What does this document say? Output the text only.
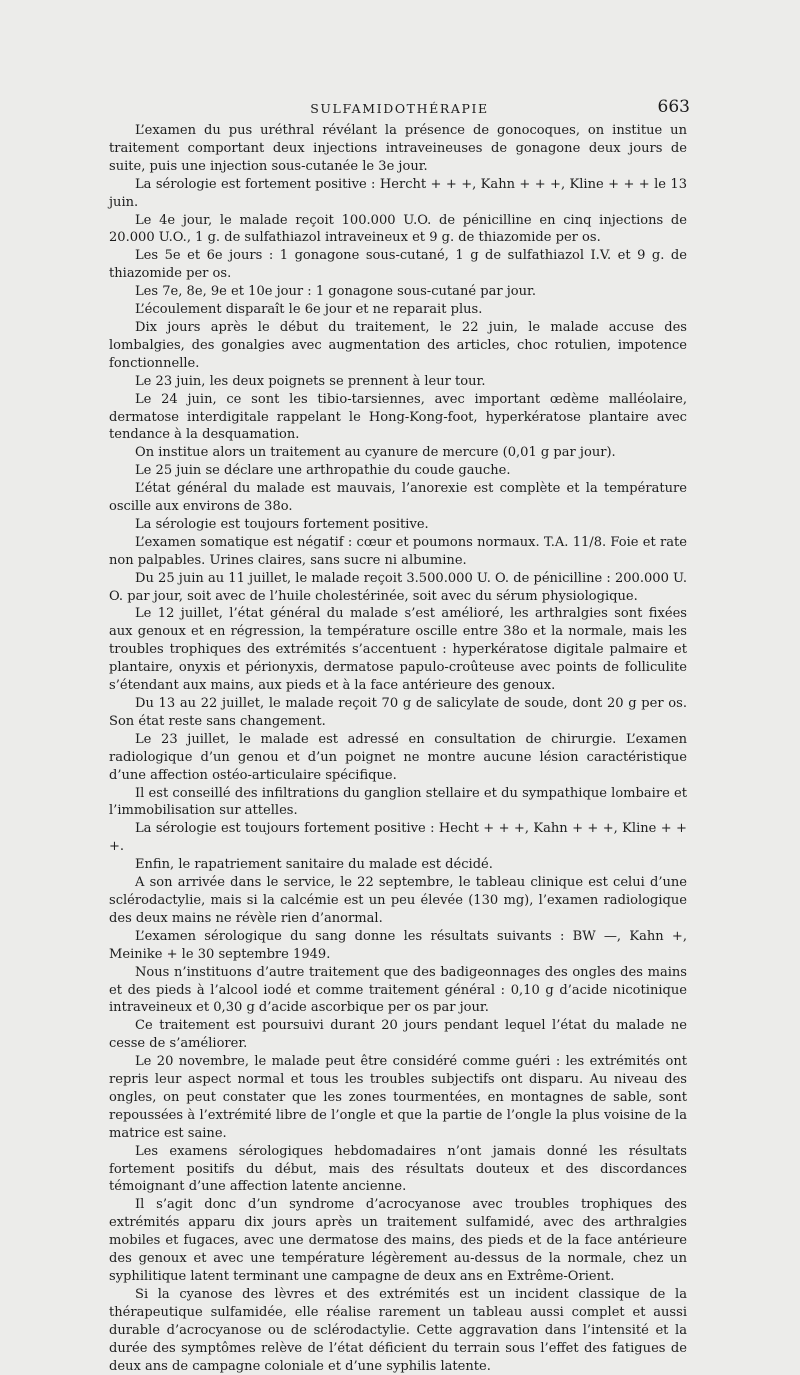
SULFAMIDOTHÉRAPIE	663

L’examen du pus uréthral révélant la présence de gonocoques, on institue un traitement comportant deux injections intraveineuses de gonagone deux jours de suite, puis une injection sous-cutanée le 3e jour.

La sérologie est fortement positive : Hercht + + +, Kahn + + +, Kline + + + le 13 juin.

Le 4e jour, le malade reçoit 100.000 U.O. de pénicilline en cinq injections de 20.000 U.O., 1 g. de sulfathiazol intraveineux et 9 g. de thiazomide per os.

Les 5e et 6e jours : 1 gonagone sous-cutané, 1 g de sulfathiazol I.V. et 9 g. de thiazomide per os.

Les 7e, 8e, 9e et 10e jour : 1 gonagone sous-cutané par jour.

L’écoulement disparaît le 6e jour et ne reparait plus.

Dix jours après le début du traitement, le 22 juin, le malade accuse des lombalgies, des gonalgies avec augmentation des articles, choc rotulien, impotence fonctionnelle.

Le 23 juin, les deux poignets se prennent à leur tour.

Le 24 juin, ce sont les tibio-tarsiennes, avec important œdème malléolaire, dermatose interdigitale rappelant le Hong-Kong-foot, hyperkératose plantaire avec tendance à la desquamation.

On institue alors un traitement au cyanure de mercure (0,01 g par jour).

Le 25 juin se déclare une arthropathie du coude gauche.

L’état général du malade est mauvais, l’anorexie est complète et la température oscille aux environs de 38o.

La sérologie est toujours fortement positive.

L’examen somatique est négatif : cœur et poumons normaux. T.A. 11/8. Foie et rate non palpables. Urines claires, sans sucre ni albumine.

Du 25 juin au 11 juillet, le malade reçoit 3.500.000 U. O. de pénicilline : 200.000 U. O. par jour, soit avec de l’huile cholestérinée, soit avec du sérum physiologique.

Le 12 juillet, l’état général du malade s’est amélioré, les arthralgies sont fixées aux genoux et en régression, la température oscille entre 38o et la normale, mais les troubles trophiques des extrémités s’accentuent : hyperkératose digitale palmaire et plantaire, onyxis et périonyxis, dermatose papulo-croûteuse avec points de folliculite s’étendant aux mains, aux pieds et à la face antérieure des genoux.

Du 13 au 22 juillet, le malade reçoit 70 g de salicylate de soude, dont 20 g per os. Son état reste sans changement.

Le 23 juillet, le malade est adressé en consultation de chirurgie. L’examen radiologique d’un genou et d’un poignet ne montre aucune lésion caractéristique d’une affection ostéo-articulaire spécifique.

Il est conseillé des infiltrations du ganglion stellaire et du sympathique lombaire et l’immobilisation sur attelles.

La sérologie est toujours fortement positive : Hecht + + +, Kahn + + +, Kline + + +.

Enfin, le rapatriement sanitaire du malade est décidé.

A son arrivée dans le service, le 22 septembre, le tableau clinique est celui d’une sclérodactylie, mais si la calcémie est un peu élevée (130 mg), l’examen radiologique des deux mains ne révèle rien d’anormal.

L’examen sérologique du sang donne les résultats suivants : BW —, Kahn +, Meinike + le 30 septembre 1949.

Nous n’instituons d’autre traitement que des badigeonnages des ongles des mains et des pieds à l’alcool iodé et comme traitement général : 0,10 g d’acide nicotinique intraveineux et 0,30 g d’acide ascorbique per os par jour.

Ce traitement est poursuivi durant 20 jours pendant lequel l’état du malade ne cesse de s’améliorer.

Le 20 novembre, le malade peut être considéré comme guéri : les extrémités ont repris leur aspect normal et tous les troubles subjectifs ont disparu. Au niveau des ongles, on peut constater que les zones tourmentées, en montagnes de sable, sont repoussées à l’extrémité libre de l’ongle et que la partie de l’ongle la plus voisine de la matrice est saine.

Les examens sérologiques hebdomadaires n’ont jamais donné les résultats fortement positifs du début, mais des résultats douteux et des discordances témoignant d’une affection latente ancienne.

Il s’agit donc d’un syndrome d’acrocyanose avec troubles trophiques des extrémités apparu dix jours après un traitement sulfamidé, avec des arthralgies mobiles et fugaces, avec une dermatose des mains, des pieds et de la face antérieure des genoux et avec une température légèrement au-dessus de la normale, chez un syphilitique latent terminant une campagne de deux ans en Extrême-Orient.

Si la cyanose des lèvres et des extrémités est un incident classique de la thérapeutique sulfamidée, elle réalise rarement un tableau aussi complet et aussi durable d’acrocyanose ou de sclérodactylie. Cette aggravation dans l’intensité et la durée des symptômes relève de l’état déficient du terrain sous l’effet des fatigues de deux ans de campagne coloniale et d’une syphilis latente.
